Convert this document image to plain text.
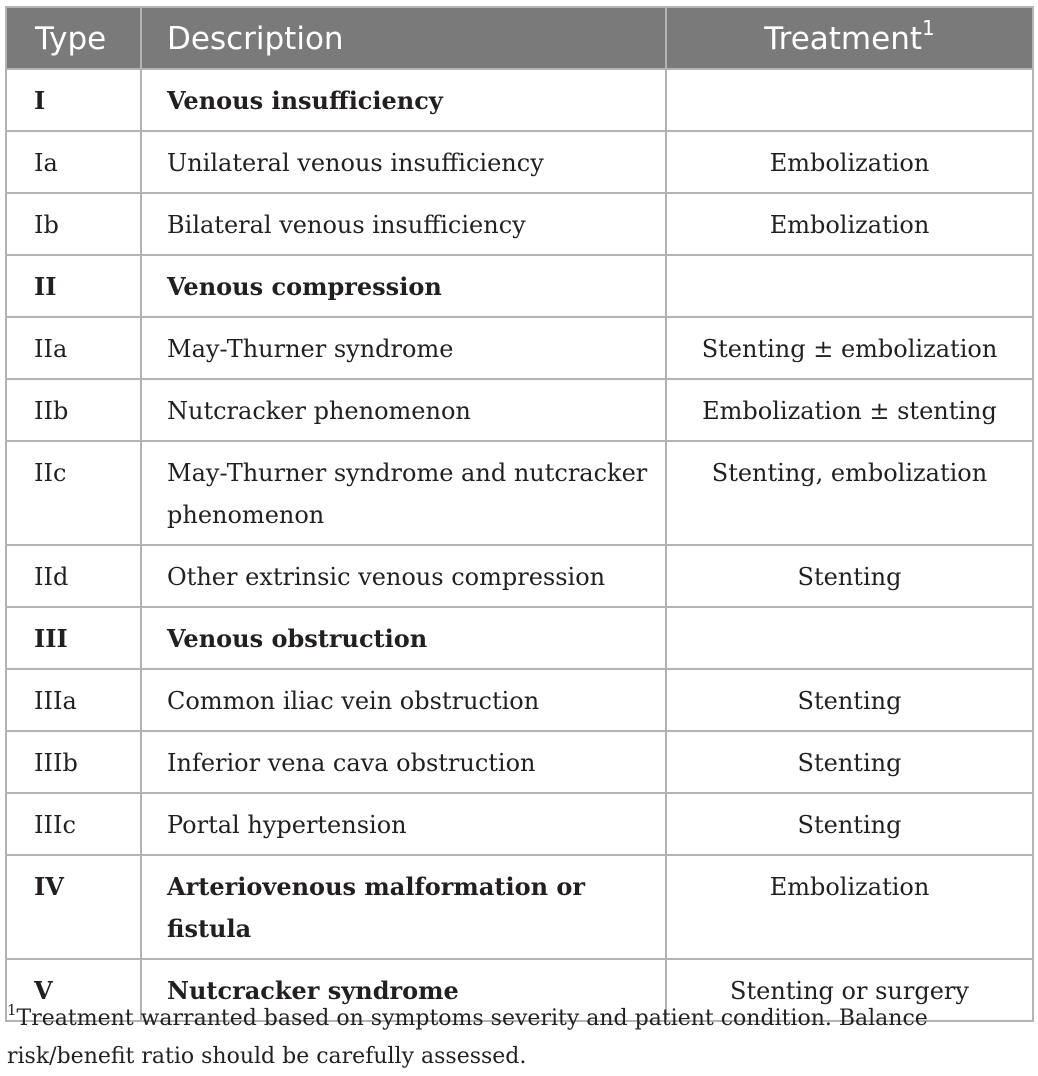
Type	Description	Treatment$^1$
I	Venous insufficiency	
Ia	Unilateral venous insufficiency	Embolization
Ib	Bilateral venous insufficiency	Embolization
II	Venous compression	
IIa	May-Thurner syndrome	Stenting ± embolization
IIb	Nutcracker phenomenon	Embolization ± stenting
IIc	May-Thurner syndrome and nutcracker phenomenon	Stenting, embolization
IId	Other extrinsic venous compression	Stenting
III	Venous obstruction	
IIIa	Common iliac vein obstruction	Stenting
IIIb	Inferior vena cava obstruction	Stenting
IIIc	Portal hypertension	Stenting
IV	Arteriovenous malformation or fistula	Embolization
V	Nutcracker syndrome	Stenting or surgery
$^1$Treatment warranted based on symptoms severity and patient condition. Balance risk/benefit ratio should be carefully assessed.
